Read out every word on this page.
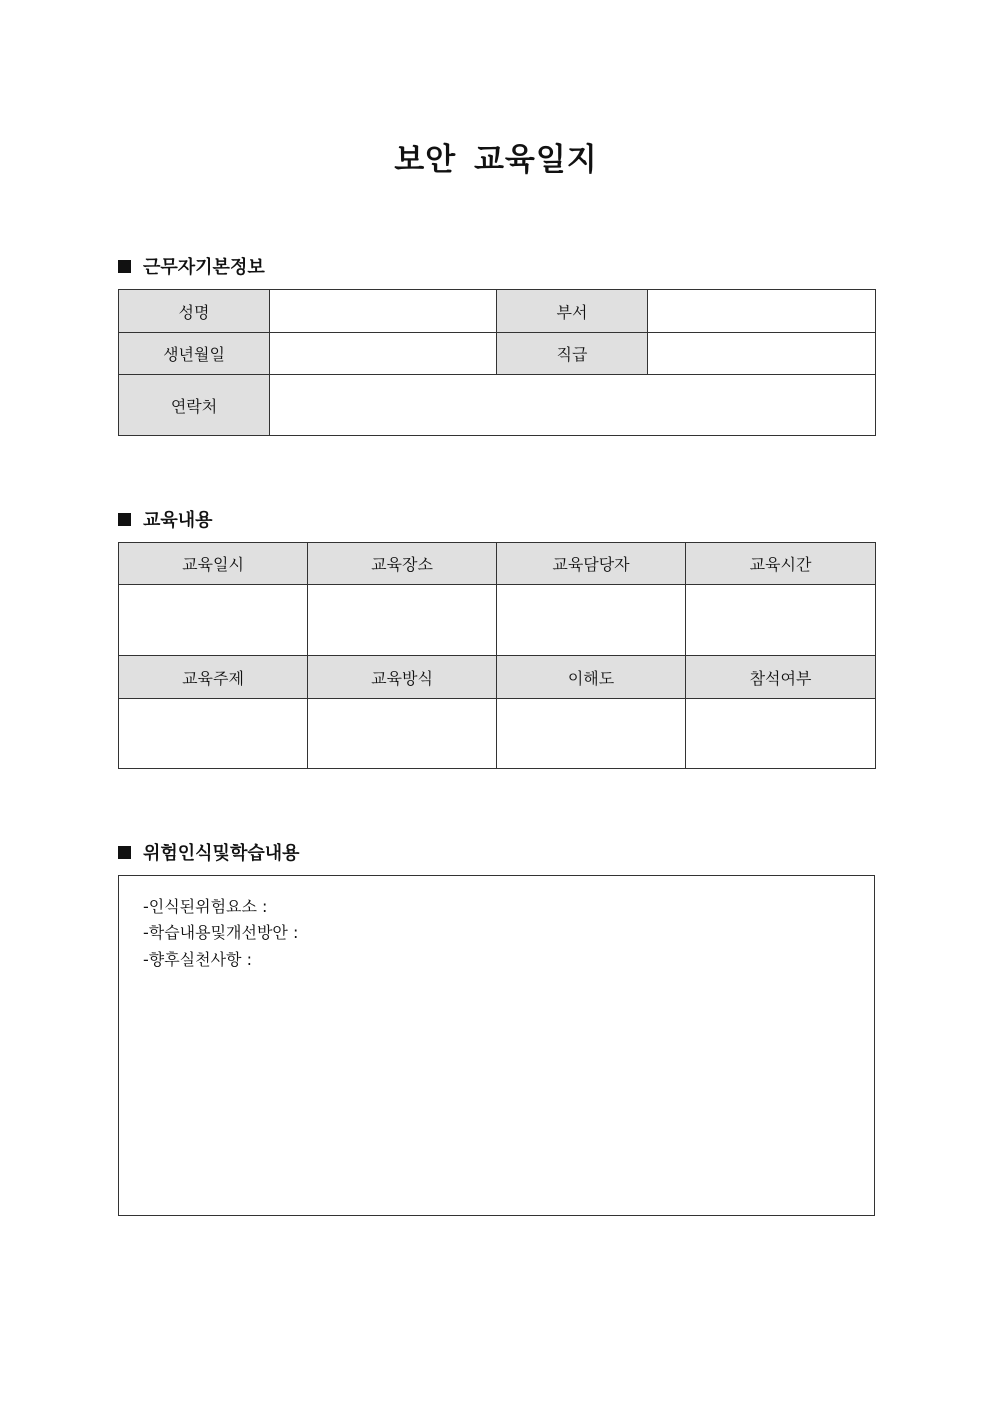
보안 교육일지
근무자기본정보
성명		부서	
생년월일		직급	
연락처			
교육내용
교육일시	교육장소	교육담당자	교육시간

교육주제	교육방식	이해도	참석여부

위험인식및학습내용
-인식된위험요소 :
-학습내용및개선방안 :
-향후실천사항 :
